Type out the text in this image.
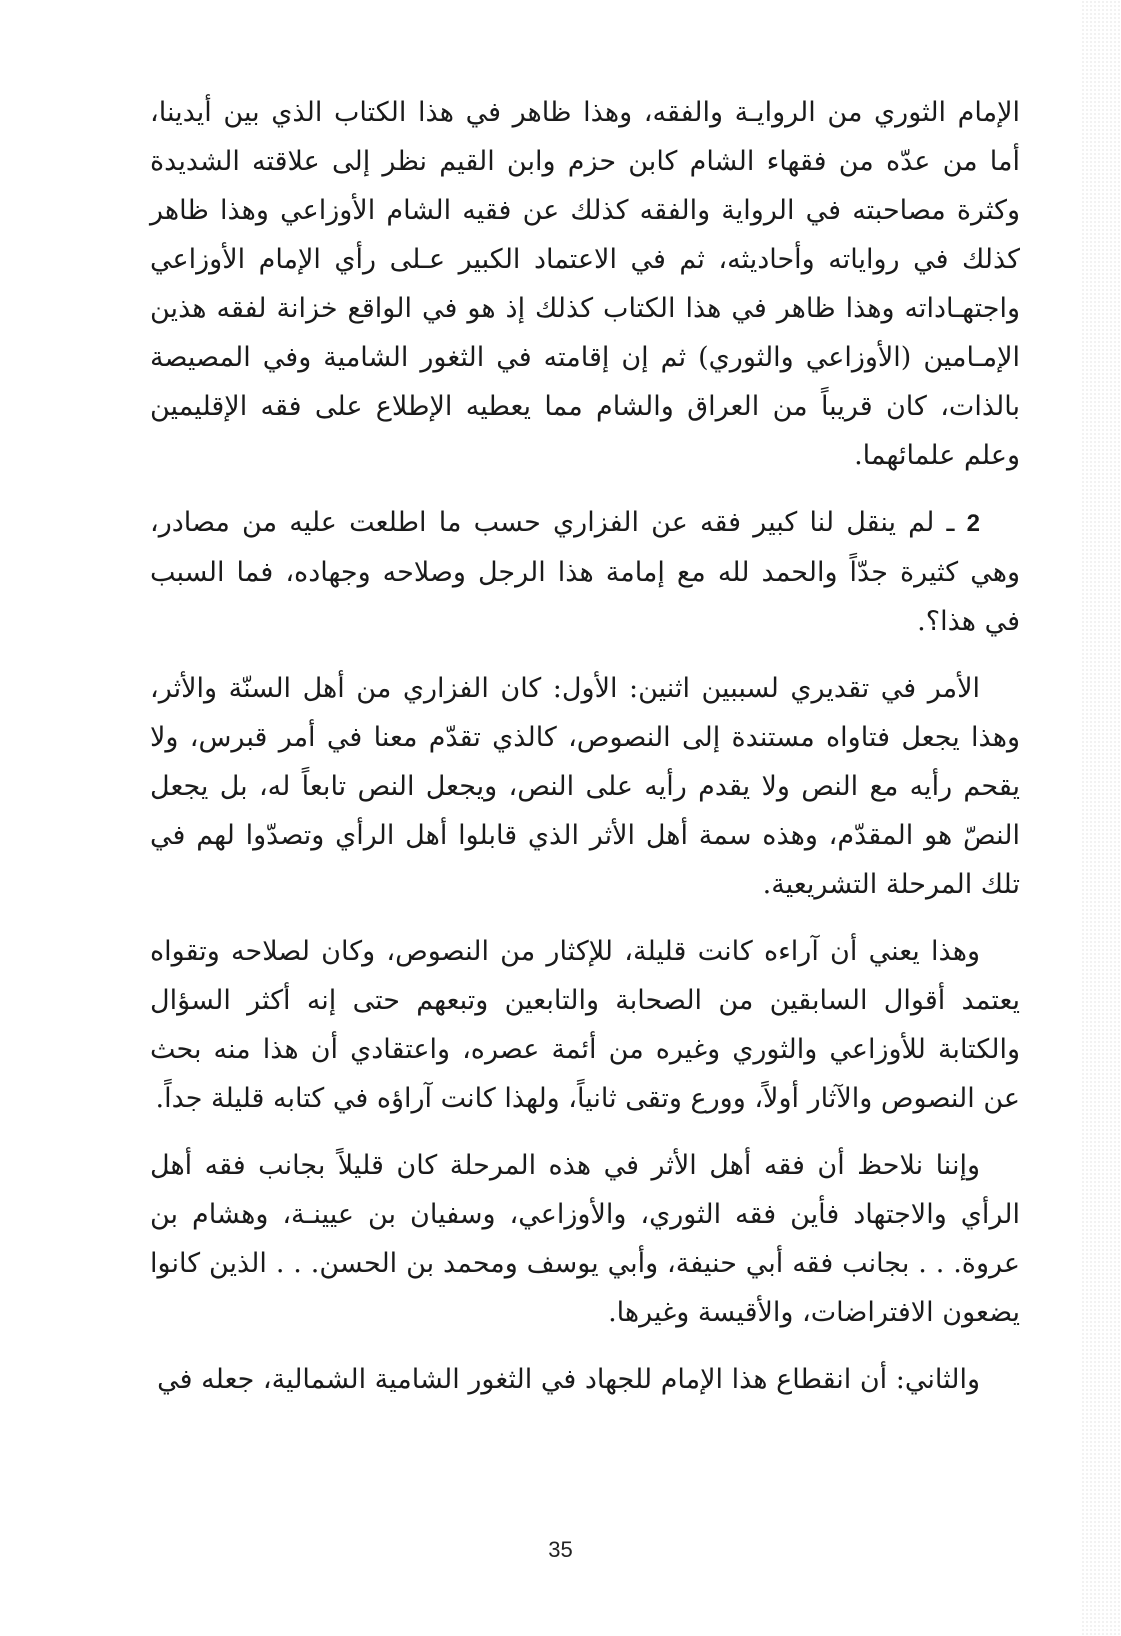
الإمام الثوري من الروايـة والفقه، وهذا ظاهر في هذا الكتاب الذي بين أيدينا، أما من عدّه من فقهاء الشام كابن حزم وابن القيم نظر إلى علاقته الشديدة وكثرة مصاحبته في الرواية والفقه كذلك عن فقيه الشام الأوزاعي وهذا ظاهر كذلك في رواياته وأحاديثه، ثم في الاعتماد الكبير عـلى رأي الإمام الأوزاعي واجتهـاداته وهذا ظاهر في هذا الكتاب كذلك إذ هو في الواقع خزانة لفقه هذين الإمـامين (الأوزاعي والثوري) ثم إن إقامته في الثغور الشامية وفي المصيصة بالذات، كان قريباً من العراق والشام مما يعطيه الإطلاع على فقه الإقليمين وعلم علمائهما.

2 ـ لم ينقل لنا كبير فقه عن الفزاري حسب ما اطلعت عليه من مصادر، وهي كثيرة جدّاً والحمد لله مع إمامة هذا الرجل وصلاحه وجهاده، فما السبب في هذا؟.

الأمر في تقديري لسببين اثنين: الأول: كان الفزاري من أهل السنّة والأثر، وهذا يجعل فتاواه مستندة إلى النصوص، كالذي تقدّم معنا في أمر قبرس، ولا يقحم رأيه مع النص ولا يقدم رأيه على النص، ويجعل النص تابعاً له، بل يجعل النصّ هو المقدّم، وهذه سمة أهل الأثر الذي قابلوا أهل الرأي وتصدّوا لهم في تلك المرحلة التشريعية.

وهذا يعني أن آراءه كانت قليلة، للإكثار من النصوص، وكان لصلاحه وتقواه يعتمد أقوال السابقين من الصحابة والتابعين وتبعهم حتى إنه أكثر السؤال والكتابة للأوزاعي والثوري وغيره من أئمة عصره، واعتقادي أن هذا منه بحث عن النصوص والآثار أولاً، وورع وتقى ثانياً، ولهذا كانت آراؤه في كتابه قليلة جداً.

وإننا نلاحظ أن فقه أهل الأثر في هذه المرحلة كان قليلاً بجانب فقه أهل الرأي والاجتهاد فأين فقه الثوري، والأوزاعي، وسفيان بن عيينـة، وهشام بن عروة. . . بجانب فقه أبي حنيفة، وأبي يوسف ومحمد بن الحسن. . . الذين كانوا يضعون الافتراضات، والأقيسة وغيرها.

والثاني: أن انقطاع هذا الإمام للجهاد في الثغور الشامية الشمالية، جعله في

35
